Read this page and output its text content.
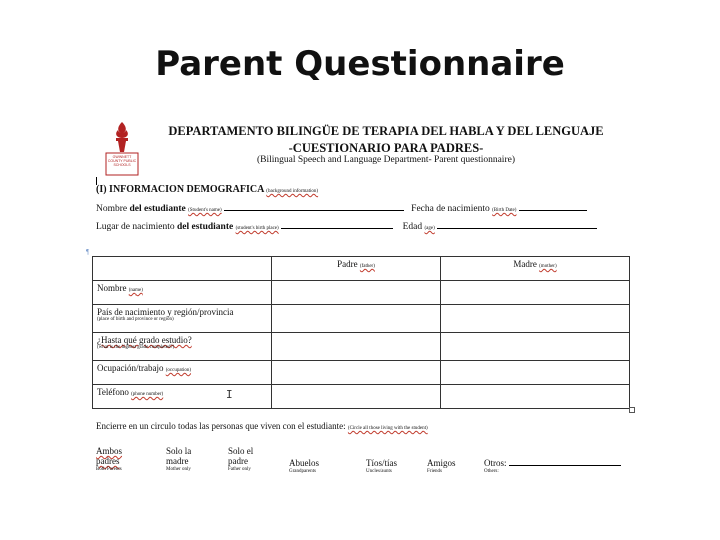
Parent Questionnaire
GWINNETT COUNTY PUBLIC SCHOOLS
DEPARTAMENTO BILINGÜE DE TERAPIA DEL HABLA Y DEL LENGUAJE
-CUESTIONARIO PARA PADRES-
(Bilingual Speech and Language Department- Parent questionnaire)
(I) INFORMACION DEMOGRAFICA (background information)
Nombre del estudiante (Student's name)	Fecha de nacimiento (Birth Date)
Lugar de nacimiento del estudiante (student's birth place)	Edad (age)
¶
	Padre (father)	Madre (mother)
Nombre (name)		
País de nacimiento y región/provincia
(place of birth and province or region)		

¿Hasta qué grado estudio?
(what is the highest grade completed?)		

Ocupación/trabajo (occupation)		
Teléfono (phone number)			I
Encierre en un circulo todas las personas que viven con el estudiante: (Circle all those living with the student)
Ambos padres
Both Parents
Solo la madre
Mother only
Solo el padre
Father only
Abuelos
Grandparents
Tíos/tías
Uncles/aunts
Amigos
Friends
Otros:
Others:
